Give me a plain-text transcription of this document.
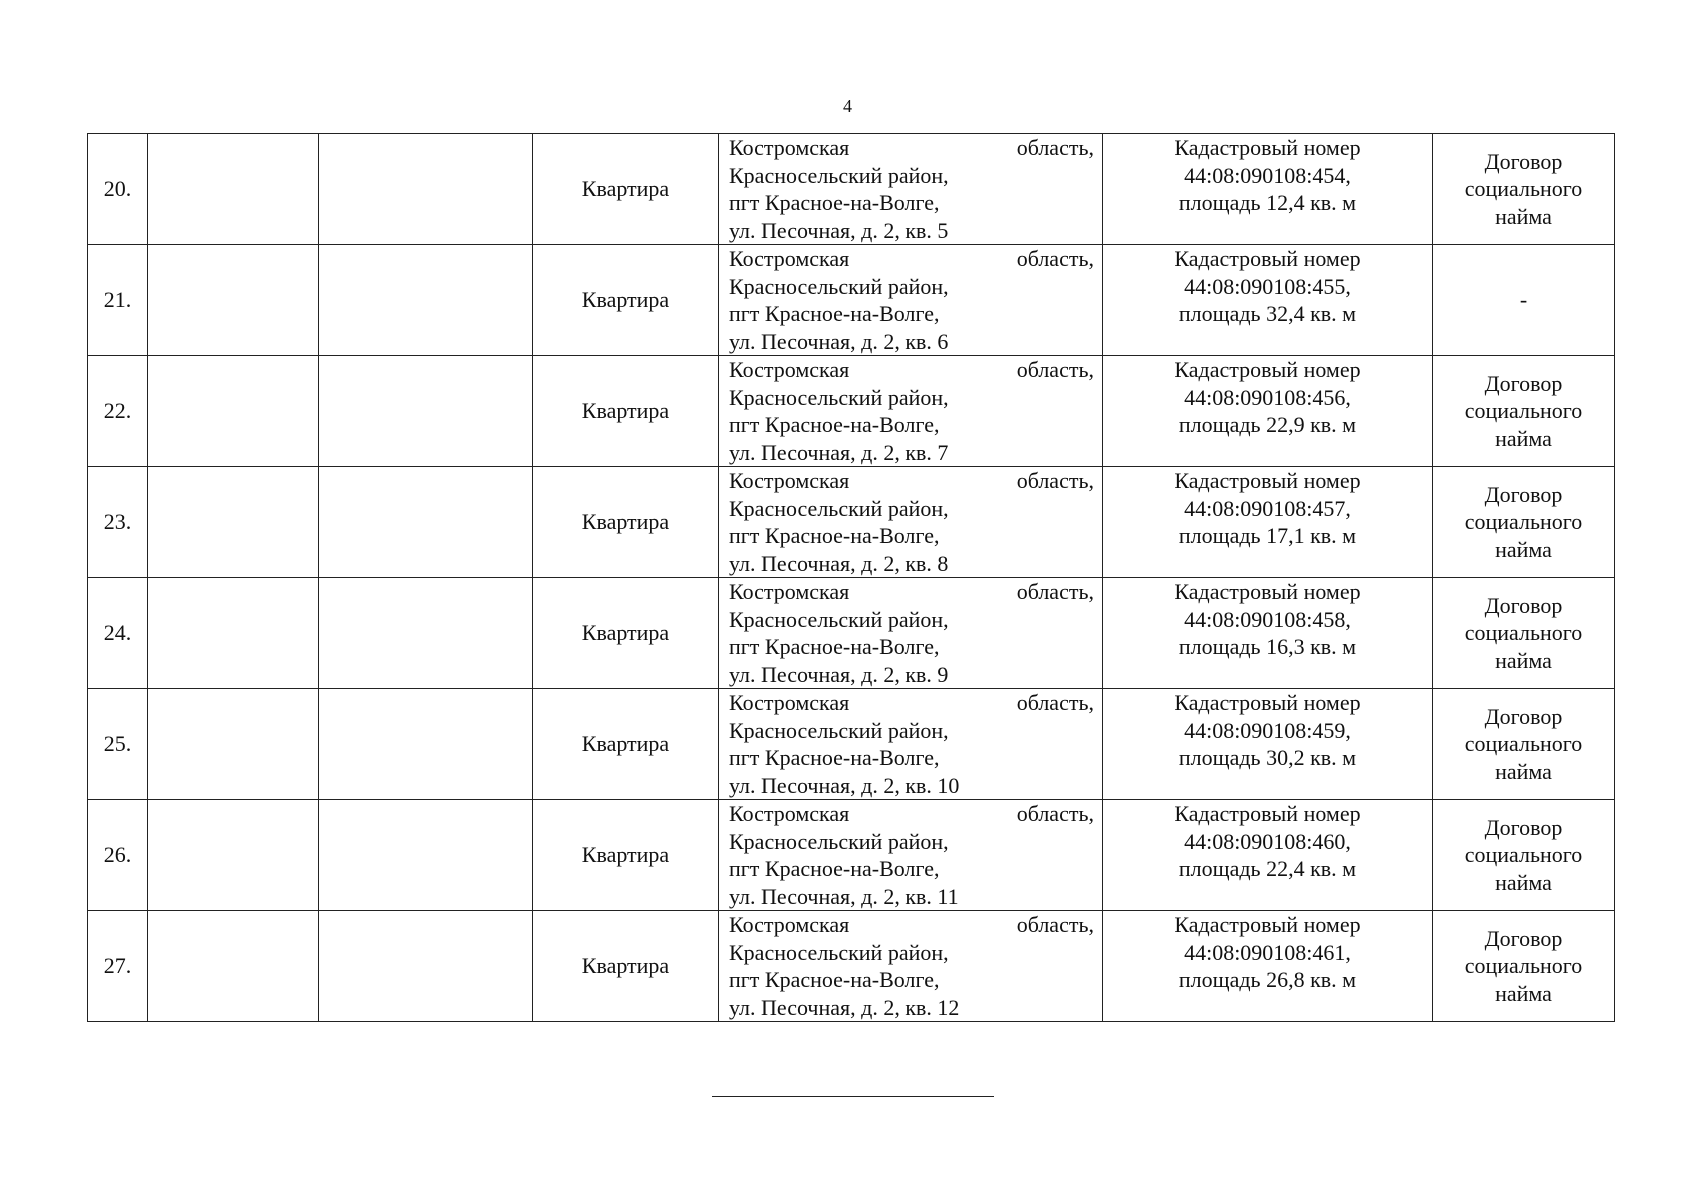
4
20.			Квартира	Костромская область,
Красносельский район,
пгт Красное-на-Волге,
ул. Песочная, д. 2, кв. 5	Кадастровый номер
44:08:090108:454,
площадь 12,4 кв. м	Договор
социального
найма

21.			Квартира	Костромская область,
Красносельский район,
пгт Красное-на-Волге,
ул. Песочная, д. 2, кв. 6	Кадастровый номер
44:08:090108:455,
площадь 32,4 кв. м	-

22.			Квартира	Костромская область,
Красносельский район,
пгт Красное-на-Волге,
ул. Песочная, д. 2, кв. 7	Кадастровый номер
44:08:090108:456,
площадь 22,9 кв. м	Договор
социального
найма

23.			Квартира	Костромская область,
Красносельский район,
пгт Красное-на-Волге,
ул. Песочная, д. 2, кв. 8	Кадастровый номер
44:08:090108:457,
площадь 17,1 кв. м	Договор
социального
найма

24.			Квартира	Костромская область,
Красносельский район,
пгт Красное-на-Волге,
ул. Песочная, д. 2, кв. 9	Кадастровый номер
44:08:090108:458,
площадь 16,3 кв. м	Договор
социального
найма

25.			Квартира	Костромская область,
Красносельский район,
пгт Красное-на-Волге,
ул. Песочная, д. 2, кв. 10	Кадастровый номер
44:08:090108:459,
площадь 30,2 кв. м	Договор
социального
найма

26.			Квартира	Костромская область,
Красносельский район,
пгт Красное-на-Волге,
ул. Песочная, д. 2, кв. 11	Кадастровый номер
44:08:090108:460,
площадь 22,4 кв. м	Договор
социального
найма

27.			Квартира	Костромская область,
Красносельский район,
пгт Красное-на-Волге,
ул. Песочная, д. 2, кв. 12	Кадастровый номер
44:08:090108:461,
площадь 26,8 кв. м	Договор
социального
найма
